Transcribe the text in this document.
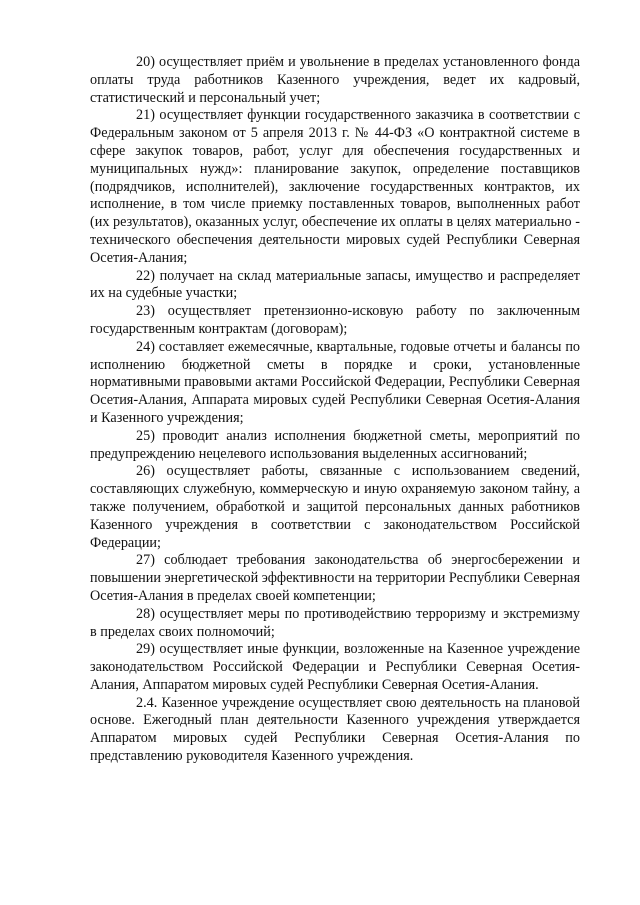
20) осуществляет приём и увольнение в пределах установленного фонда оплаты труда работников Казенного учреждения, ведет их кадровый, статистический и персональный учет;

21) осуществляет функции государственного заказчика в соответствии с Федеральным законом от 5 апреля 2013 г. № 44-ФЗ «О контрактной системе в сфере закупок товаров, работ, услуг для обеспечения государственных и муниципальных нужд»: планирование закупок, определение поставщиков (подрядчиков, исполнителей), заключение государственных контрактов, их исполнение, в том числе приемку поставленных товаров, выполненных работ (их результатов), оказанных услуг, обеспечение их оплаты в целях материально - технического обеспечения деятельности мировых судей Республики Северная Осетия-Алания;

22) получает на склад материальные запасы, имущество и распределяет их на судебные участки;

23) осуществляет претензионно-исковую работу по заключенным государственным контрактам (договорам);

24) составляет ежемесячные, квартальные, годовые отчеты и балансы по исполнению бюджетной сметы в порядке и сроки, установленные нормативными правовыми актами Российской Федерации, Республики Северная Осетия-Алания, Аппарата мировых судей Республики Северная Осетия-Алания и Казенного учреждения;

25) проводит анализ исполнения бюджетной сметы, мероприятий по предупреждению нецелевого использования выделенных ассигнований;

26) осуществляет работы, связанные с использованием сведений, составляющих служебную, коммерческую и иную охраняемую законом тайну, а также получением, обработкой и защитой персональных данных работников Казенного учреждения в соответствии с законодательством Российской Федерации;

27) соблюдает требования законодательства об энергосбережении и повышении энергетической эффективности на территории Республики Северная Осетия-Алания в пределах своей компетенции;

28) осуществляет меры по противодействию терроризму и экстремизму в пределах своих полномочий;

29) осуществляет иные функции, возложенные на Казенное учреждение законодательством Российской Федерации и Республики Северная Осетия-Алания, Аппаратом мировых судей Республики Северная Осетия-Алания.

2.4. Казенное учреждение осуществляет свою деятельность на плановой основе. Ежегодный план деятельности Казенного учреждения утверждается Аппаратом мировых судей Республики Северная Осетия-Алания по представлению руководителя Казенного учреждения.
